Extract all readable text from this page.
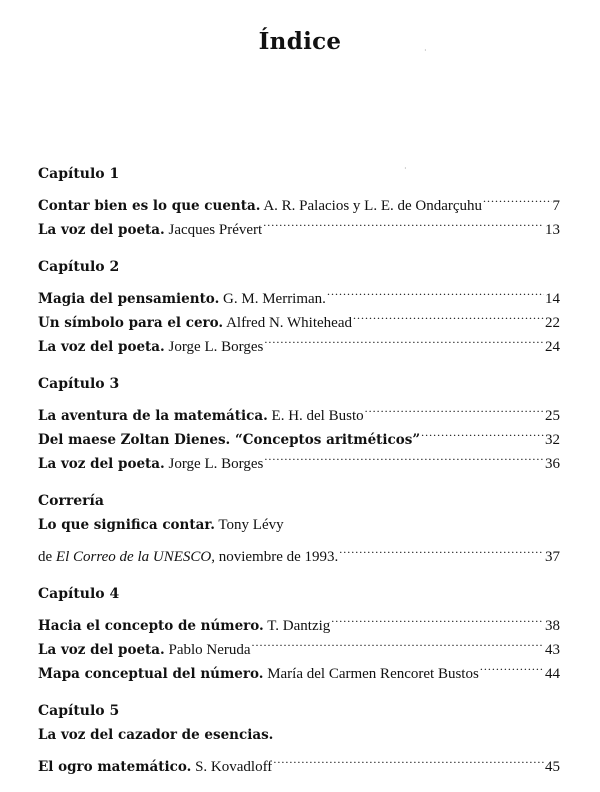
Índice	·
·
Capítulo 1
Contar bien es lo que cuenta. A. R. Palacios y L. E. de Ondarçuhu .....	7
La voz del poeta. Jacques Prévert .....	13
Capítulo 2
Magia del pensamiento. G. M. Merriman. .....	14
Un símbolo para el cero. Alfred N. Whitehead .....	22
La voz del poeta. Jorge L. Borges .....	24
Capítulo 3
La aventura de la matemática. E. H. del Busto .....	25
Del maese Zoltan Dienes. “Conceptos aritméticos” .....	32
La voz del poeta. Jorge L. Borges .....	36
Correría
Lo que significa contar. Tony Lévy
de El Correo de la UNESCO, noviembre de 1993. .....	37
Capítulo 4
Hacia el concepto de número. T. Dantzig .....	38
La voz del poeta. Pablo Neruda .....	43
Mapa conceptual del número. María del Carmen Rencoret Bustos .....	44
Capítulo 5
La voz del cazador de esencias.
El ogro matemático. S. Kovadloff .....	45
